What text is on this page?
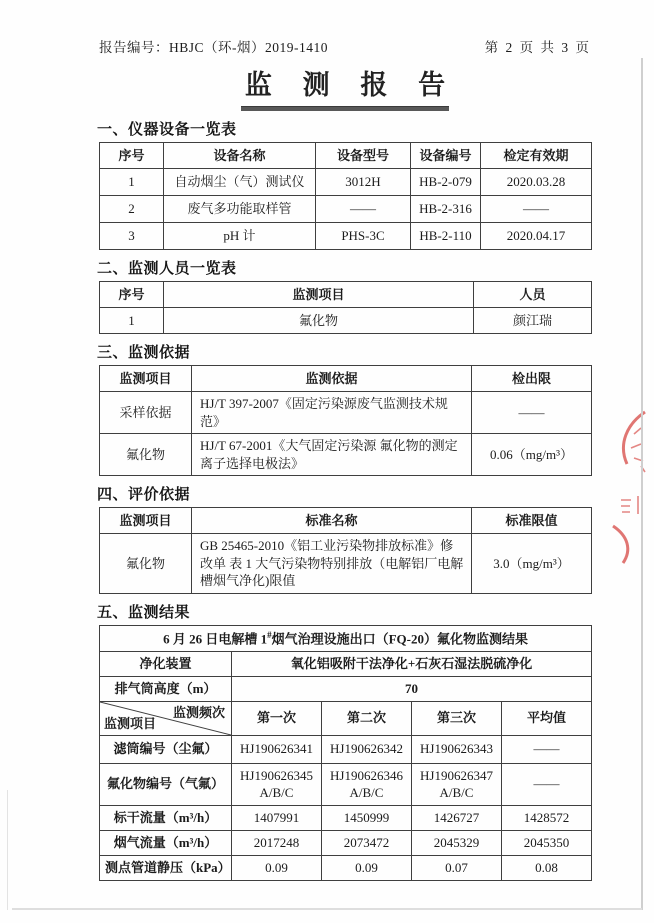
报告编号：HBJC（环-烟）2019-1410	第 2 页 共 3 页
监 测 报 告
一、仪器设备一览表
序号	设备名称	设备型号	设备编号	检定有效期
1	自动烟尘（气）测试仪	3012H	HB-2-079	2020.03.28
2	废气多功能取样管	——	HB-2-316	——
3	pH 计	PHS-3C	HB-2-110	2020.04.17
二、监测人员一览表
序号	监测项目	人员
1	氟化物	颜江瑞
三、监测依据
监测项目	监测依据	检出限
采样依据	HJ/T 397-2007《固定污染源废气监测技术规范》	——
氟化物	HJ/T 67-2001《大气固定污染源 氟化物的测定 离子选择电极法》	0.06（mg/m³）
四、评价依据
监测项目	标准名称	标准限值
氟化物	GB 25465-2010《铝工业污染物排放标准》修改单 表 1 大气污染物特别排放（电解铝厂电解槽烟气净化)限值	3.0（mg/m³）
五、监测结果
6 月 26 日电解槽 1#烟气治理设施出口（FQ-20）氟化物监测结果				
净化装置	氧化铝吸附干法净化+石灰石湿法脱硫净化			
排气筒高度（m）	70			

监测频次
监测项目	第一次	第二次	第三次	平均值
滤筒编号（尘氟）	HJ190626341	HJ190626342	HJ190626343	——
氟化物编号（气氟）	HJ190626345 A/B/C	HJ190626346 A/B/C	HJ190626347 A/B/C	——
标干流量（m³/h）	1407991	1450999	1426727	1428572
烟气流量（m³/h）	2017248	2073472	2045329	2045350
测点管道静压（kPa）	0.09	0.09	0.07	0.08
